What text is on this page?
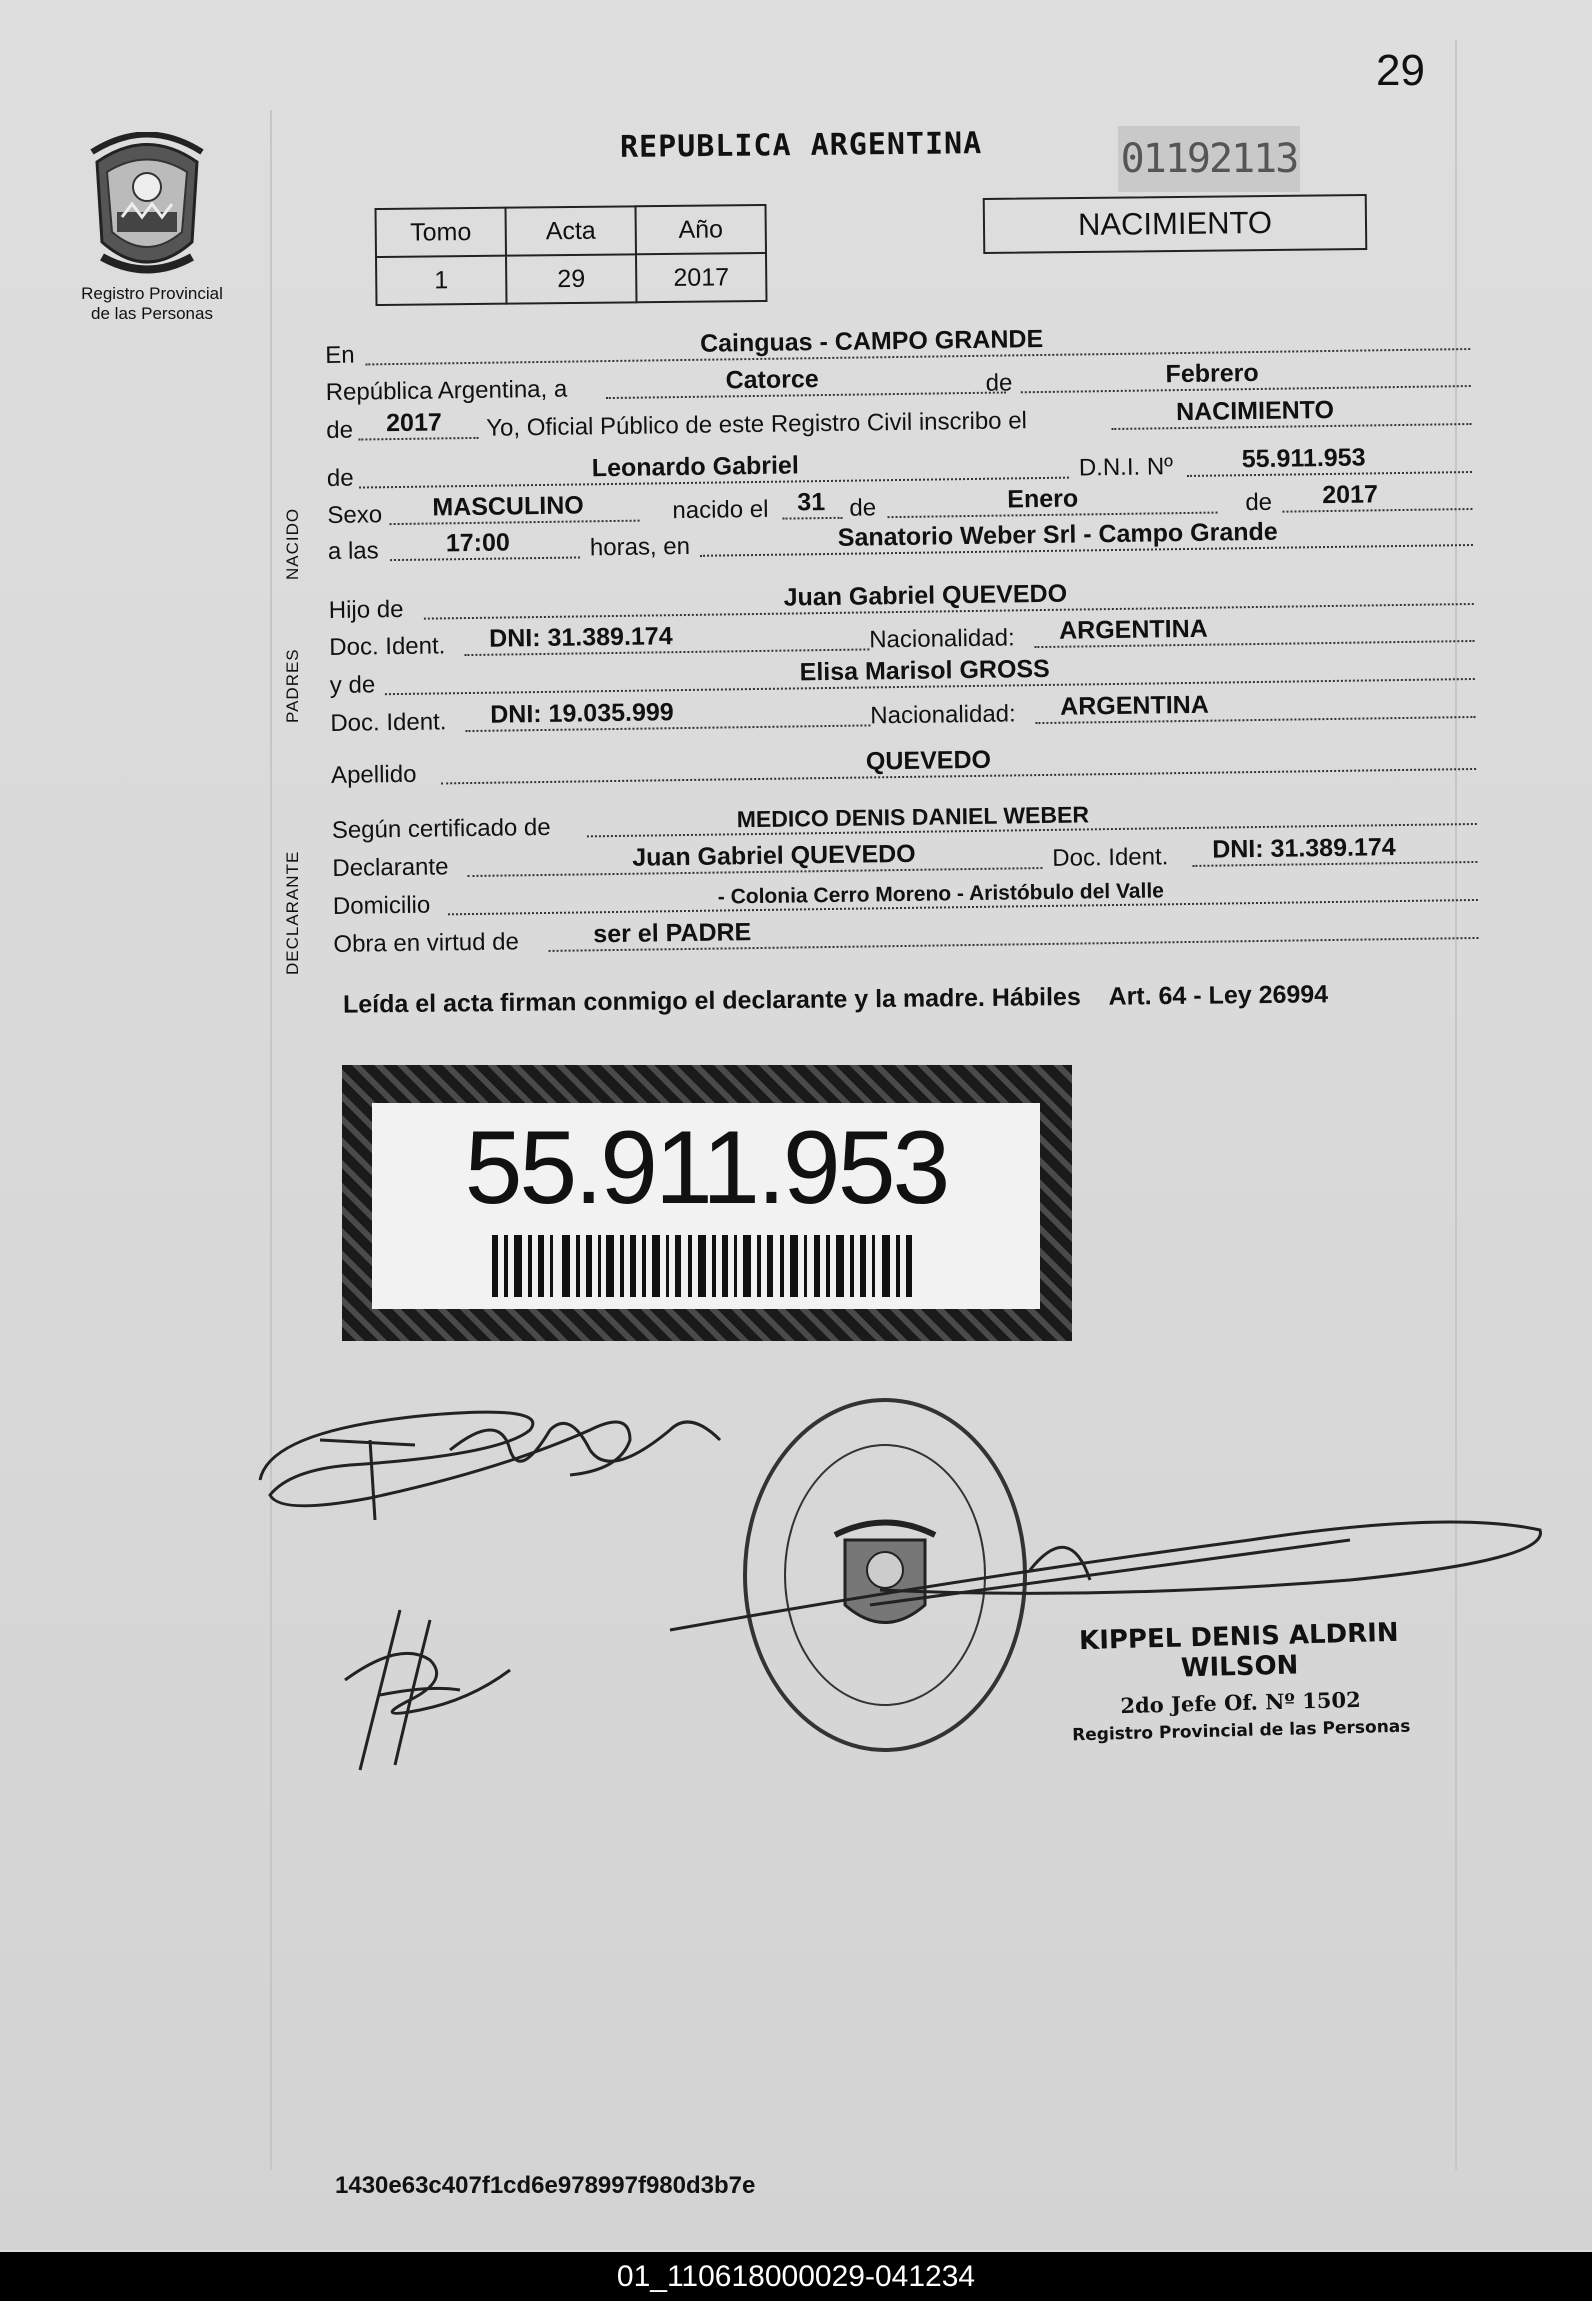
29
Registro Provincial
de las Personas
REPUBLICA ARGENTINA	01192113
Tomo	Acta	Año
1	29	2017
NACIMIENTO
NACIDO
PADRES
DECLARANTE
En	Cainguas - CAMPO GRANDE
República Argentina, a	Catorce	de	Febrero
de 2017 Yo, Oficial Público de este Registro Civil inscribo el	NACIMIENTO
de	Leonardo Gabriel	D.N.I. Nº	55.911.953
Sexo MASCULINO	nacido el 31 de	Enero	de 2017
a las	17:00	horas, en	Sanatorio Weber Srl - Campo Grande
Hijo de	Juan Gabriel QUEVEDO
Doc. Ident. DNI: 31.389.174	Nacionalidad: ARGENTINA
y de	Elisa Marisol GROSS
Doc. Ident. DNI: 19.035.999	Nacionalidad: ARGENTINA
Apellido	QUEVEDO
Según certificado de	MEDICO DENIS DANIEL WEBER
Declarante	Juan Gabriel QUEVEDO	Doc. Ident. DNI: 31.389.174
Domicilio	- Colonia Cerro Moreno - Aristóbulo del Valle
Obra en virtud de	ser el PADRE
Leída el acta firman conmigo el declarante y la madre. Hábiles Art. 64 - Ley 26994
55.911.953
KIPPEL DENIS ALDRIN WILSON
2do Jefe Of. Nº 1502
Registro Provincial de las Personas
1430e63c407f1cd6e978997f980d3b7e
01_110618000029-041234
